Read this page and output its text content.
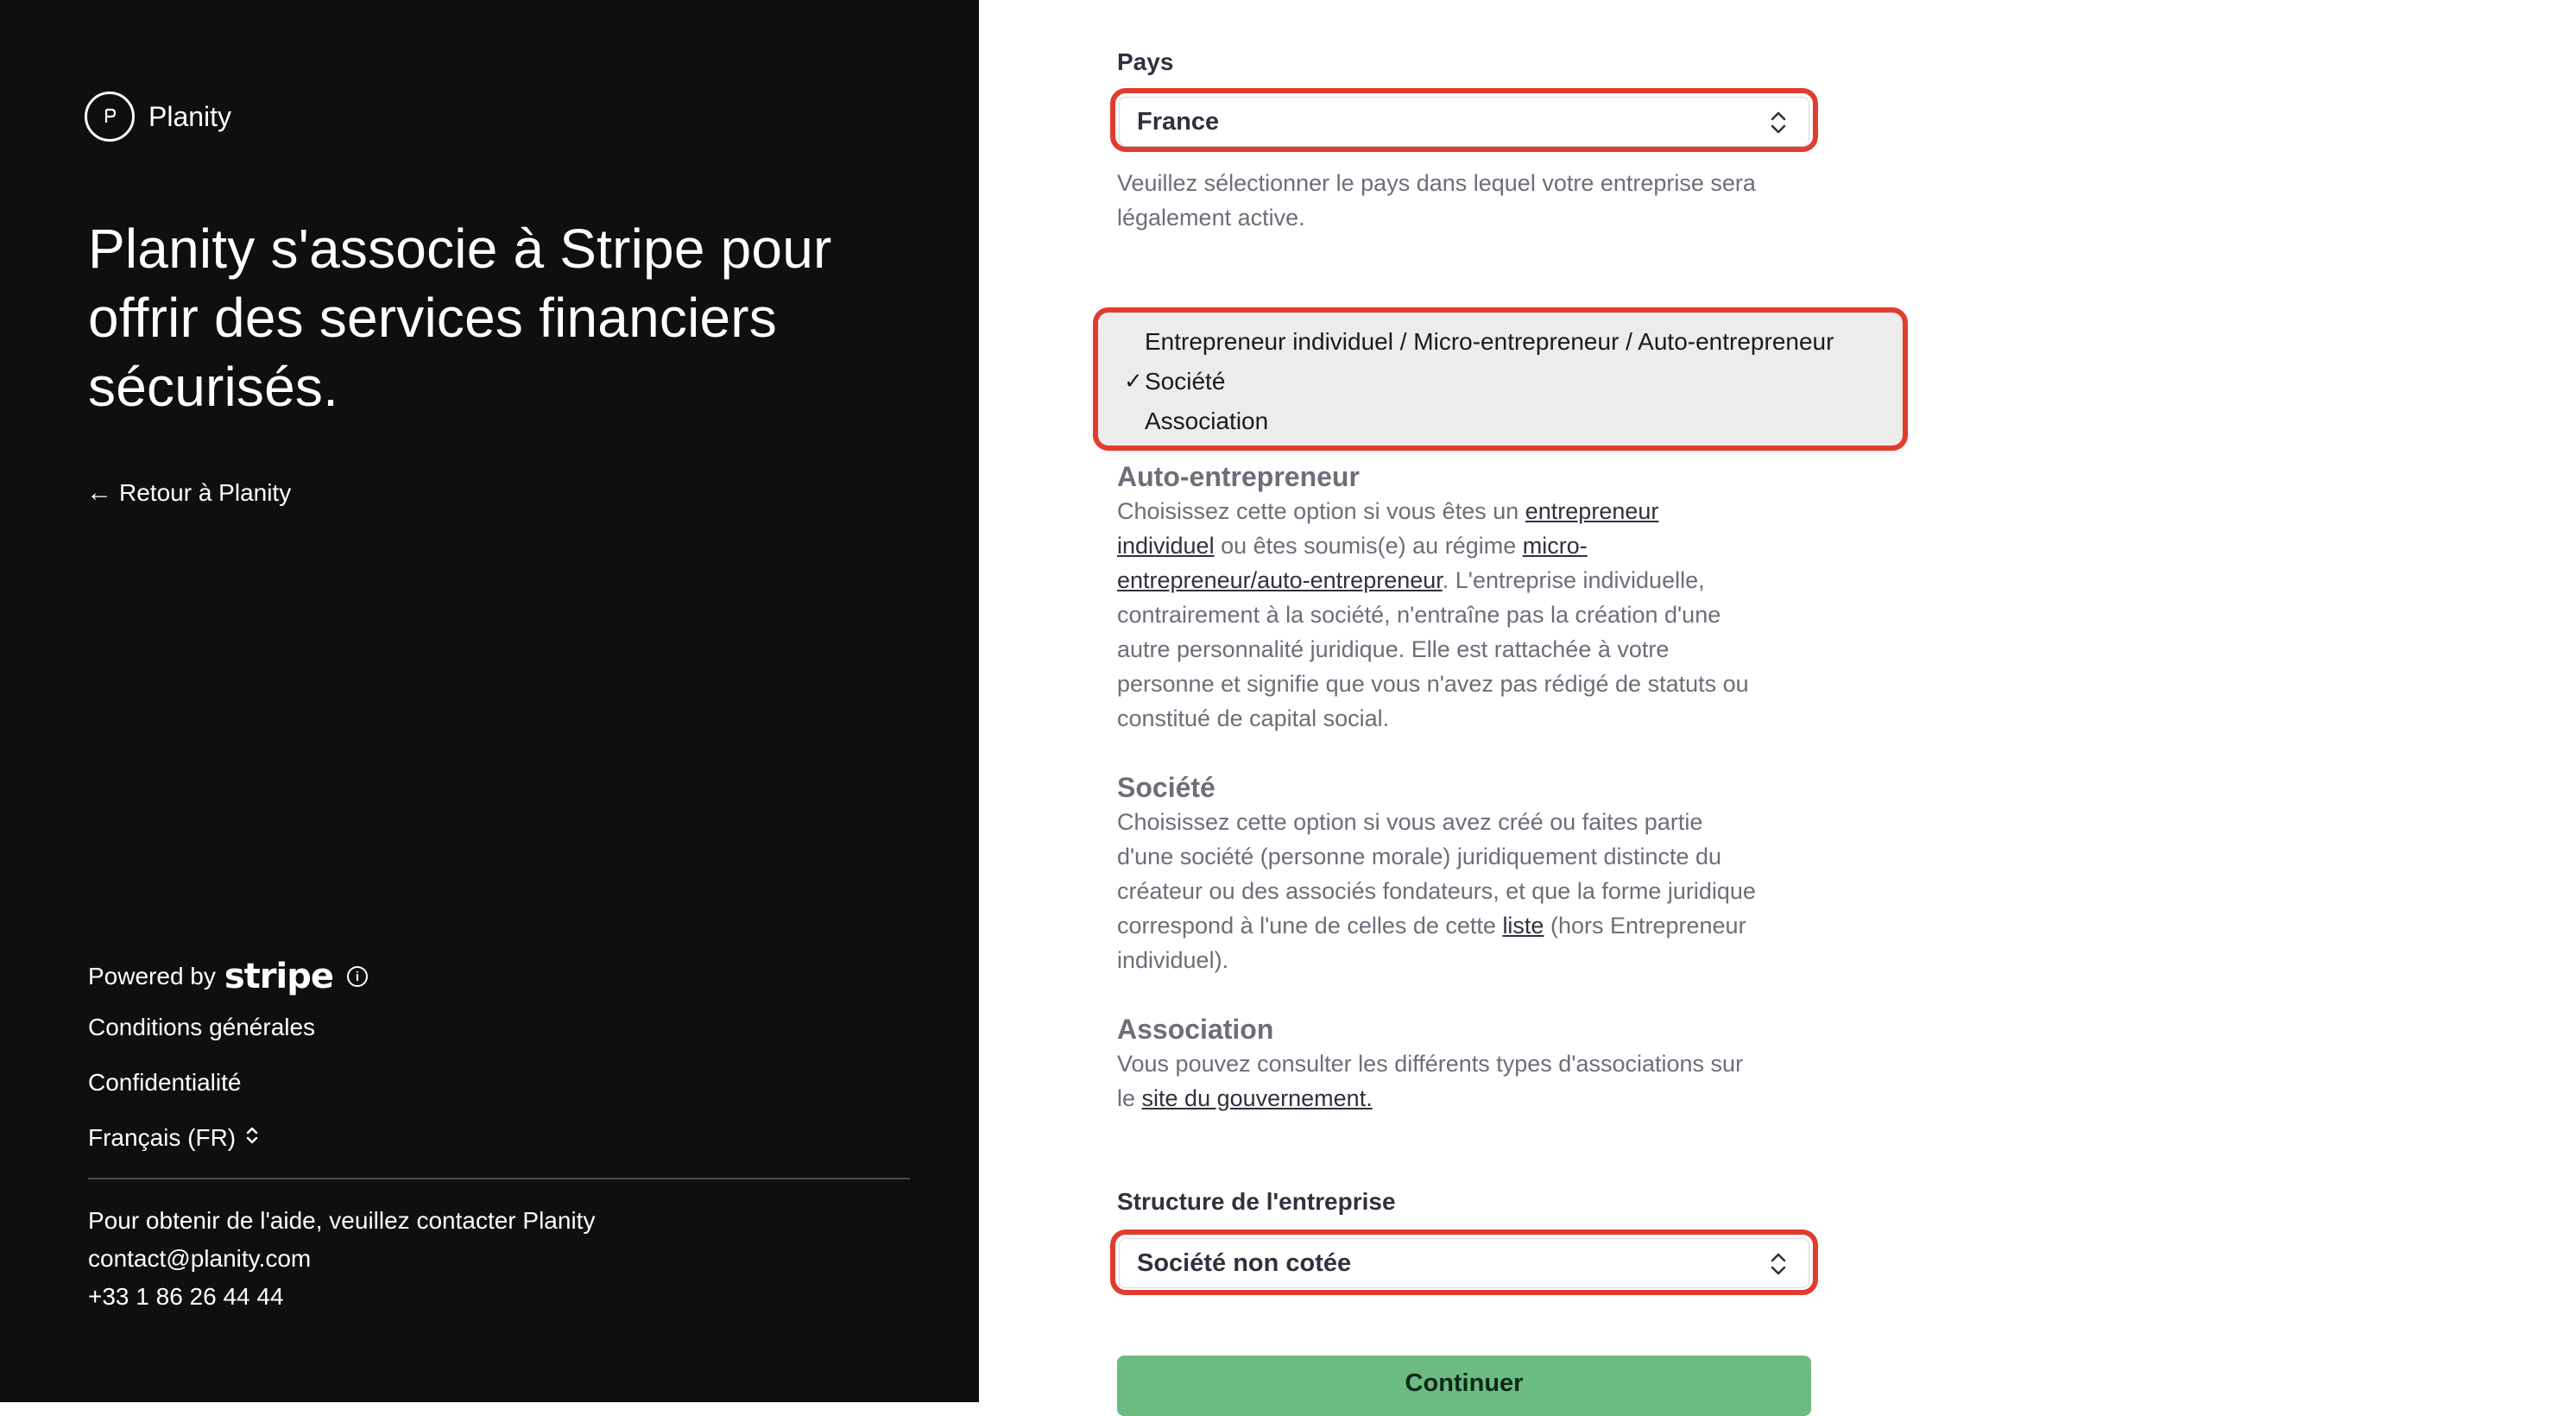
Planity
Planity s'associe à Stripe pour offrir des services financiers sécurisés.
← Retour à Planity
Powered by stripe	i
Conditions générales
Confidentialité
Français (FR)
Pour obtenir de l'aide, veuillez contacter Planity
contact@planity.com
+33 1 86 26 44 44
Pays
France
Veuillez sélectionner le pays dans lequel votre entreprise sera légalement active.
Auto-entrepreneur
Choisissez cette option si vous êtes un entrepreneur
individuel ou êtes soumis(e) au régime micro-
entrepreneur/auto-entrepreneur. L'entreprise individuelle,
contrairement à la société, n'entraîne pas la création d'une
autre personnalité juridique. Elle est rattachée à votre
personne et signifie que vous n'avez pas rédigé de statuts ou
constitué de capital social.
Société
Choisissez cette option si vous avez créé ou faites partie
d'une société (personne morale) juridiquement distincte du
créateur ou des associés fondateurs, et que la forme juridique
correspond à l'une de celles de cette liste (hors Entrepreneur
individuel).
Association
Vous pouvez consulter les différents types d'associations sur
le site du gouvernement.
Entrepreneur individuel / Micro-entrepreneur / Auto-entrepreneur
✓ Société
Association
Structure de l'entreprise
Société non cotée
Continuer
